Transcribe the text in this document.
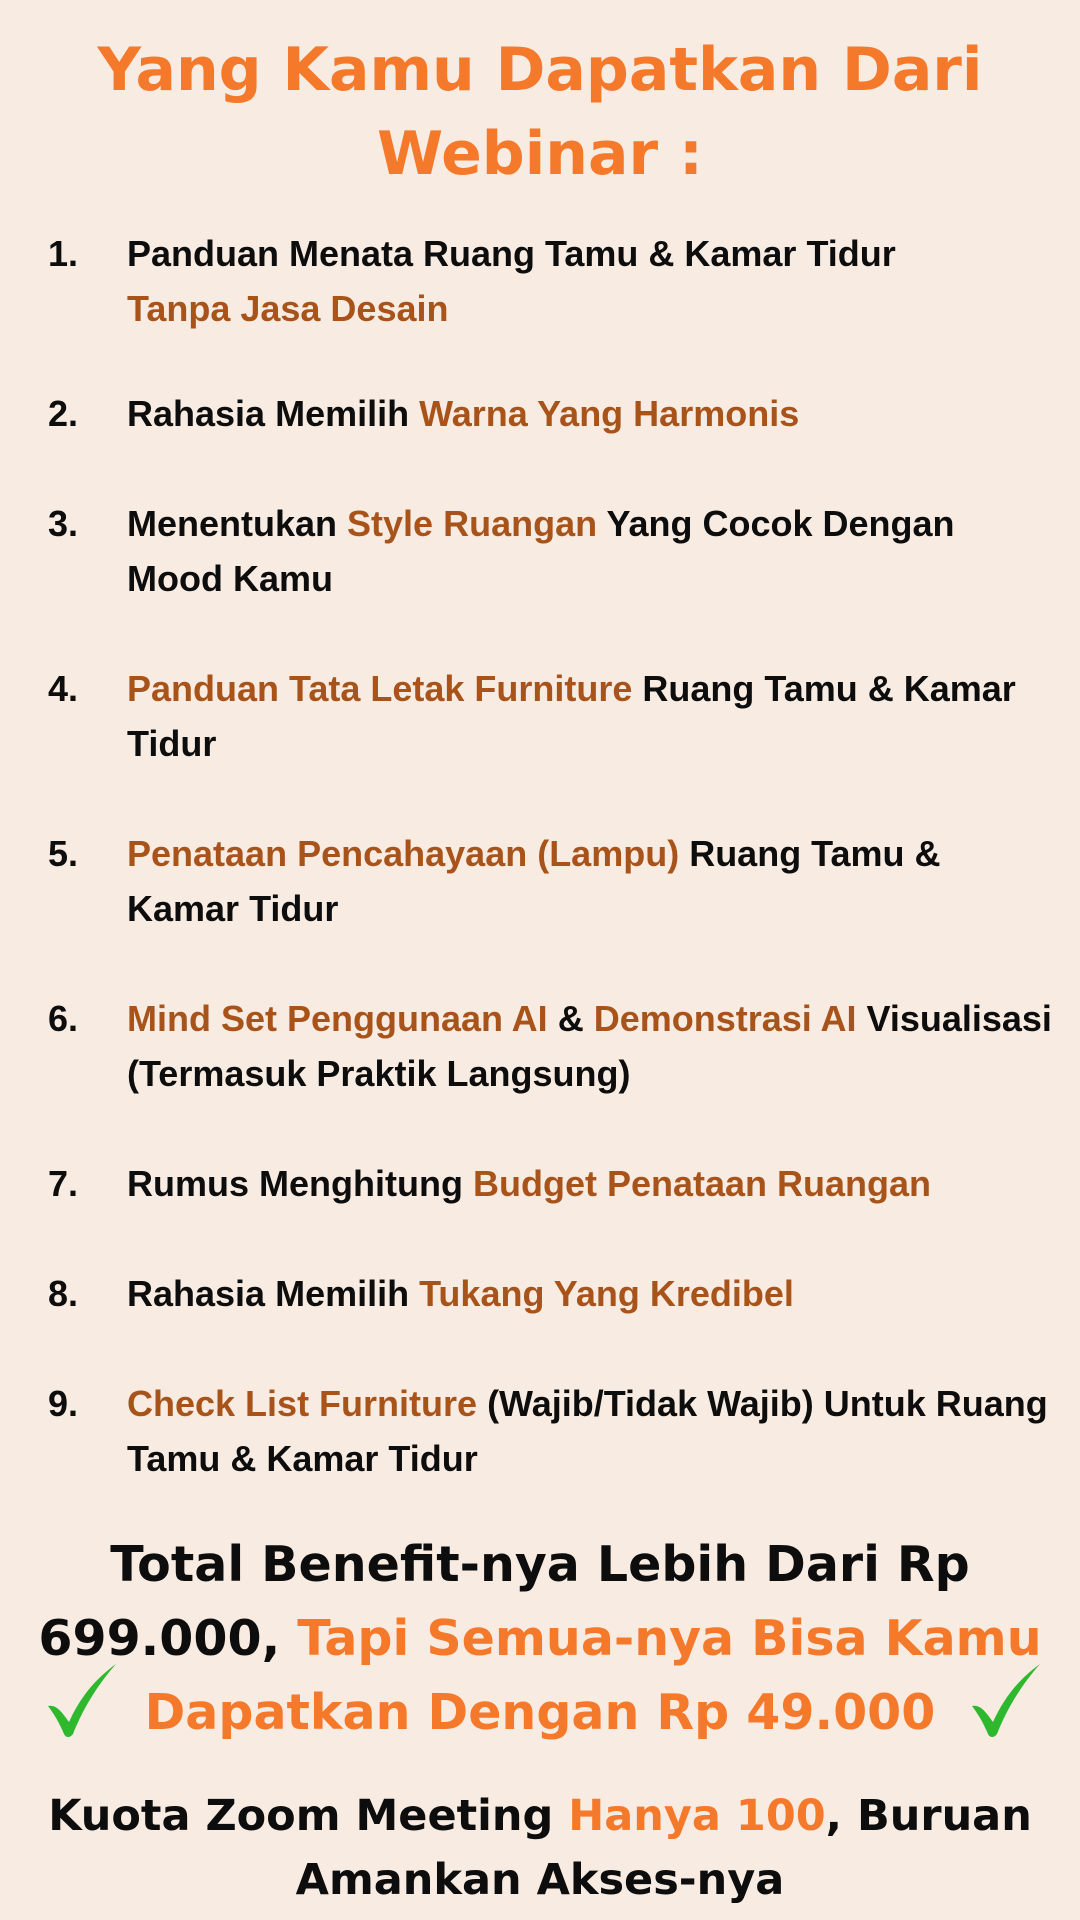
Yang Kamu Dapatkan Dari
Webinar :
1.	Panduan Menata Ruang Tamu & Kamar Tidur
Tanpa Jasa Desain
2.	Rahasia Memilih Warna Yang Harmonis
3.	Menentukan Style Ruangan Yang Cocok Dengan Mood Kamu
4.	Panduan Tata Letak Furniture Ruang Tamu & Kamar Tidur
5.	Penataan Pencahayaan (Lampu) Ruang Tamu & Kamar Tidur
6.	Mind Set Penggunaan AI & Demonstrasi AI Visualisasi (Termasuk Praktik Langsung)
7.	Rumus Menghitung Budget Penataan Ruangan
8.	Rahasia Memilih Tukang Yang Kredibel
9.	Check List Furniture (Wajib/Tidak Wajib) Untuk Ruang Tamu & Kamar Tidur
Total Benefit-nya Lebih Dari Rp 699.000, Tapi Semua-nya Bisa Kamu Dapatkan Dengan Rp 49.000
Kuota Zoom Meeting Hanya 100, Buruan Amankan Akses-nya
